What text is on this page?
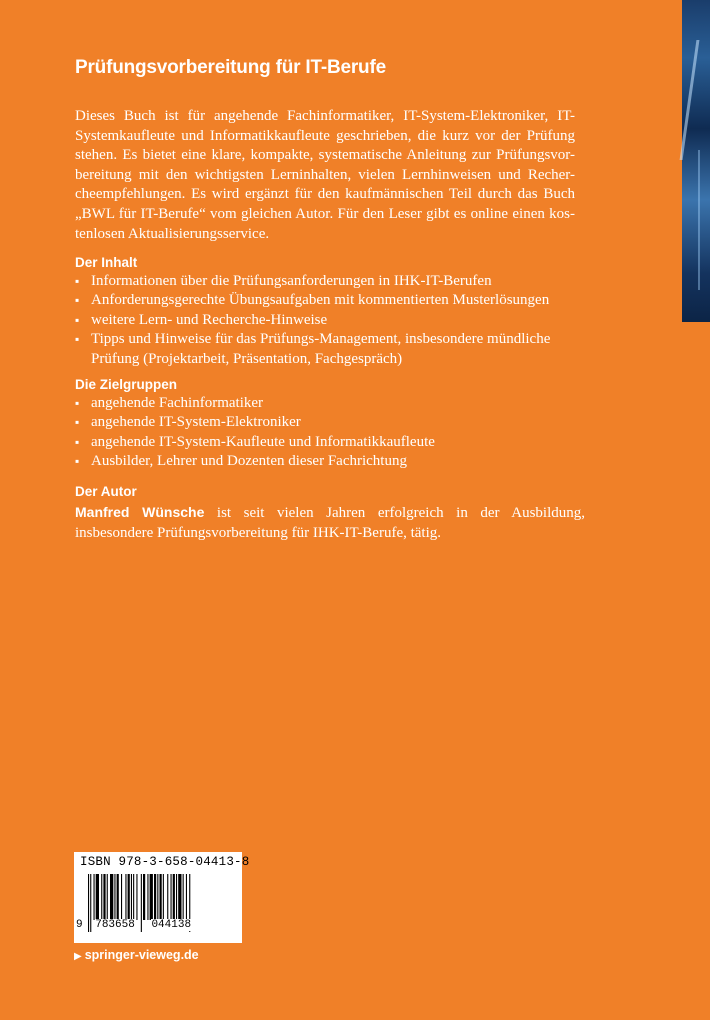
Prüfungsvorbereitung für IT-Berufe
Dieses Buch ist für angehende Fachinformatiker, IT-System-Elektroniker, IT- Systemkaufleute und Informatikkaufleute geschrieben, die kurz vor der Prüfung stehen. Es bietet eine klare, kompakte, systematische Anleitung zur Prüfungsvor- bereitung mit den wichtigsten Lerninhalten, vielen Lernhinweisen und Recher- cheempfehlungen. Es wird ergänzt für den kaufmännischen Teil durch das Buch „BWL für IT-Berufe“ vom gleichen Autor. Für den Leser gibt es online einen kos- tenlosen Aktualisierungsservice.
Der Inhalt
▪ Informationen über die Prüfungsanforderungen in IHK-IT-Berufen
▪ Anforderungsgerechte Übungsaufgaben mit kommentierten Musterlösungen
▪ weitere Lern- und Recherche-Hinweise
▪ Tipps und Hinweise für das Prüfungs-Management, insbesondere mündliche Prüfung (Projektarbeit, Präsentation, Fachgespräch)
Die Zielgruppen
▪ angehende Fachinformatiker
▪ angehende IT-System-Elektroniker
▪ angehende IT-System-Kaufleute und Informatikkaufleute
▪ Ausbilder, Lehrer und Dozenten dieser Fachrichtung
Der Autor
Manfred Wünsche ist seit vielen Jahren erfolgreich in der Ausbildung, insbesondere Prüfungsvorbereitung für IHK-IT-Berufe, tätig.
ISBN 978-3-658-04413-8
9 783658 044138
▶ springer-vieweg.de
